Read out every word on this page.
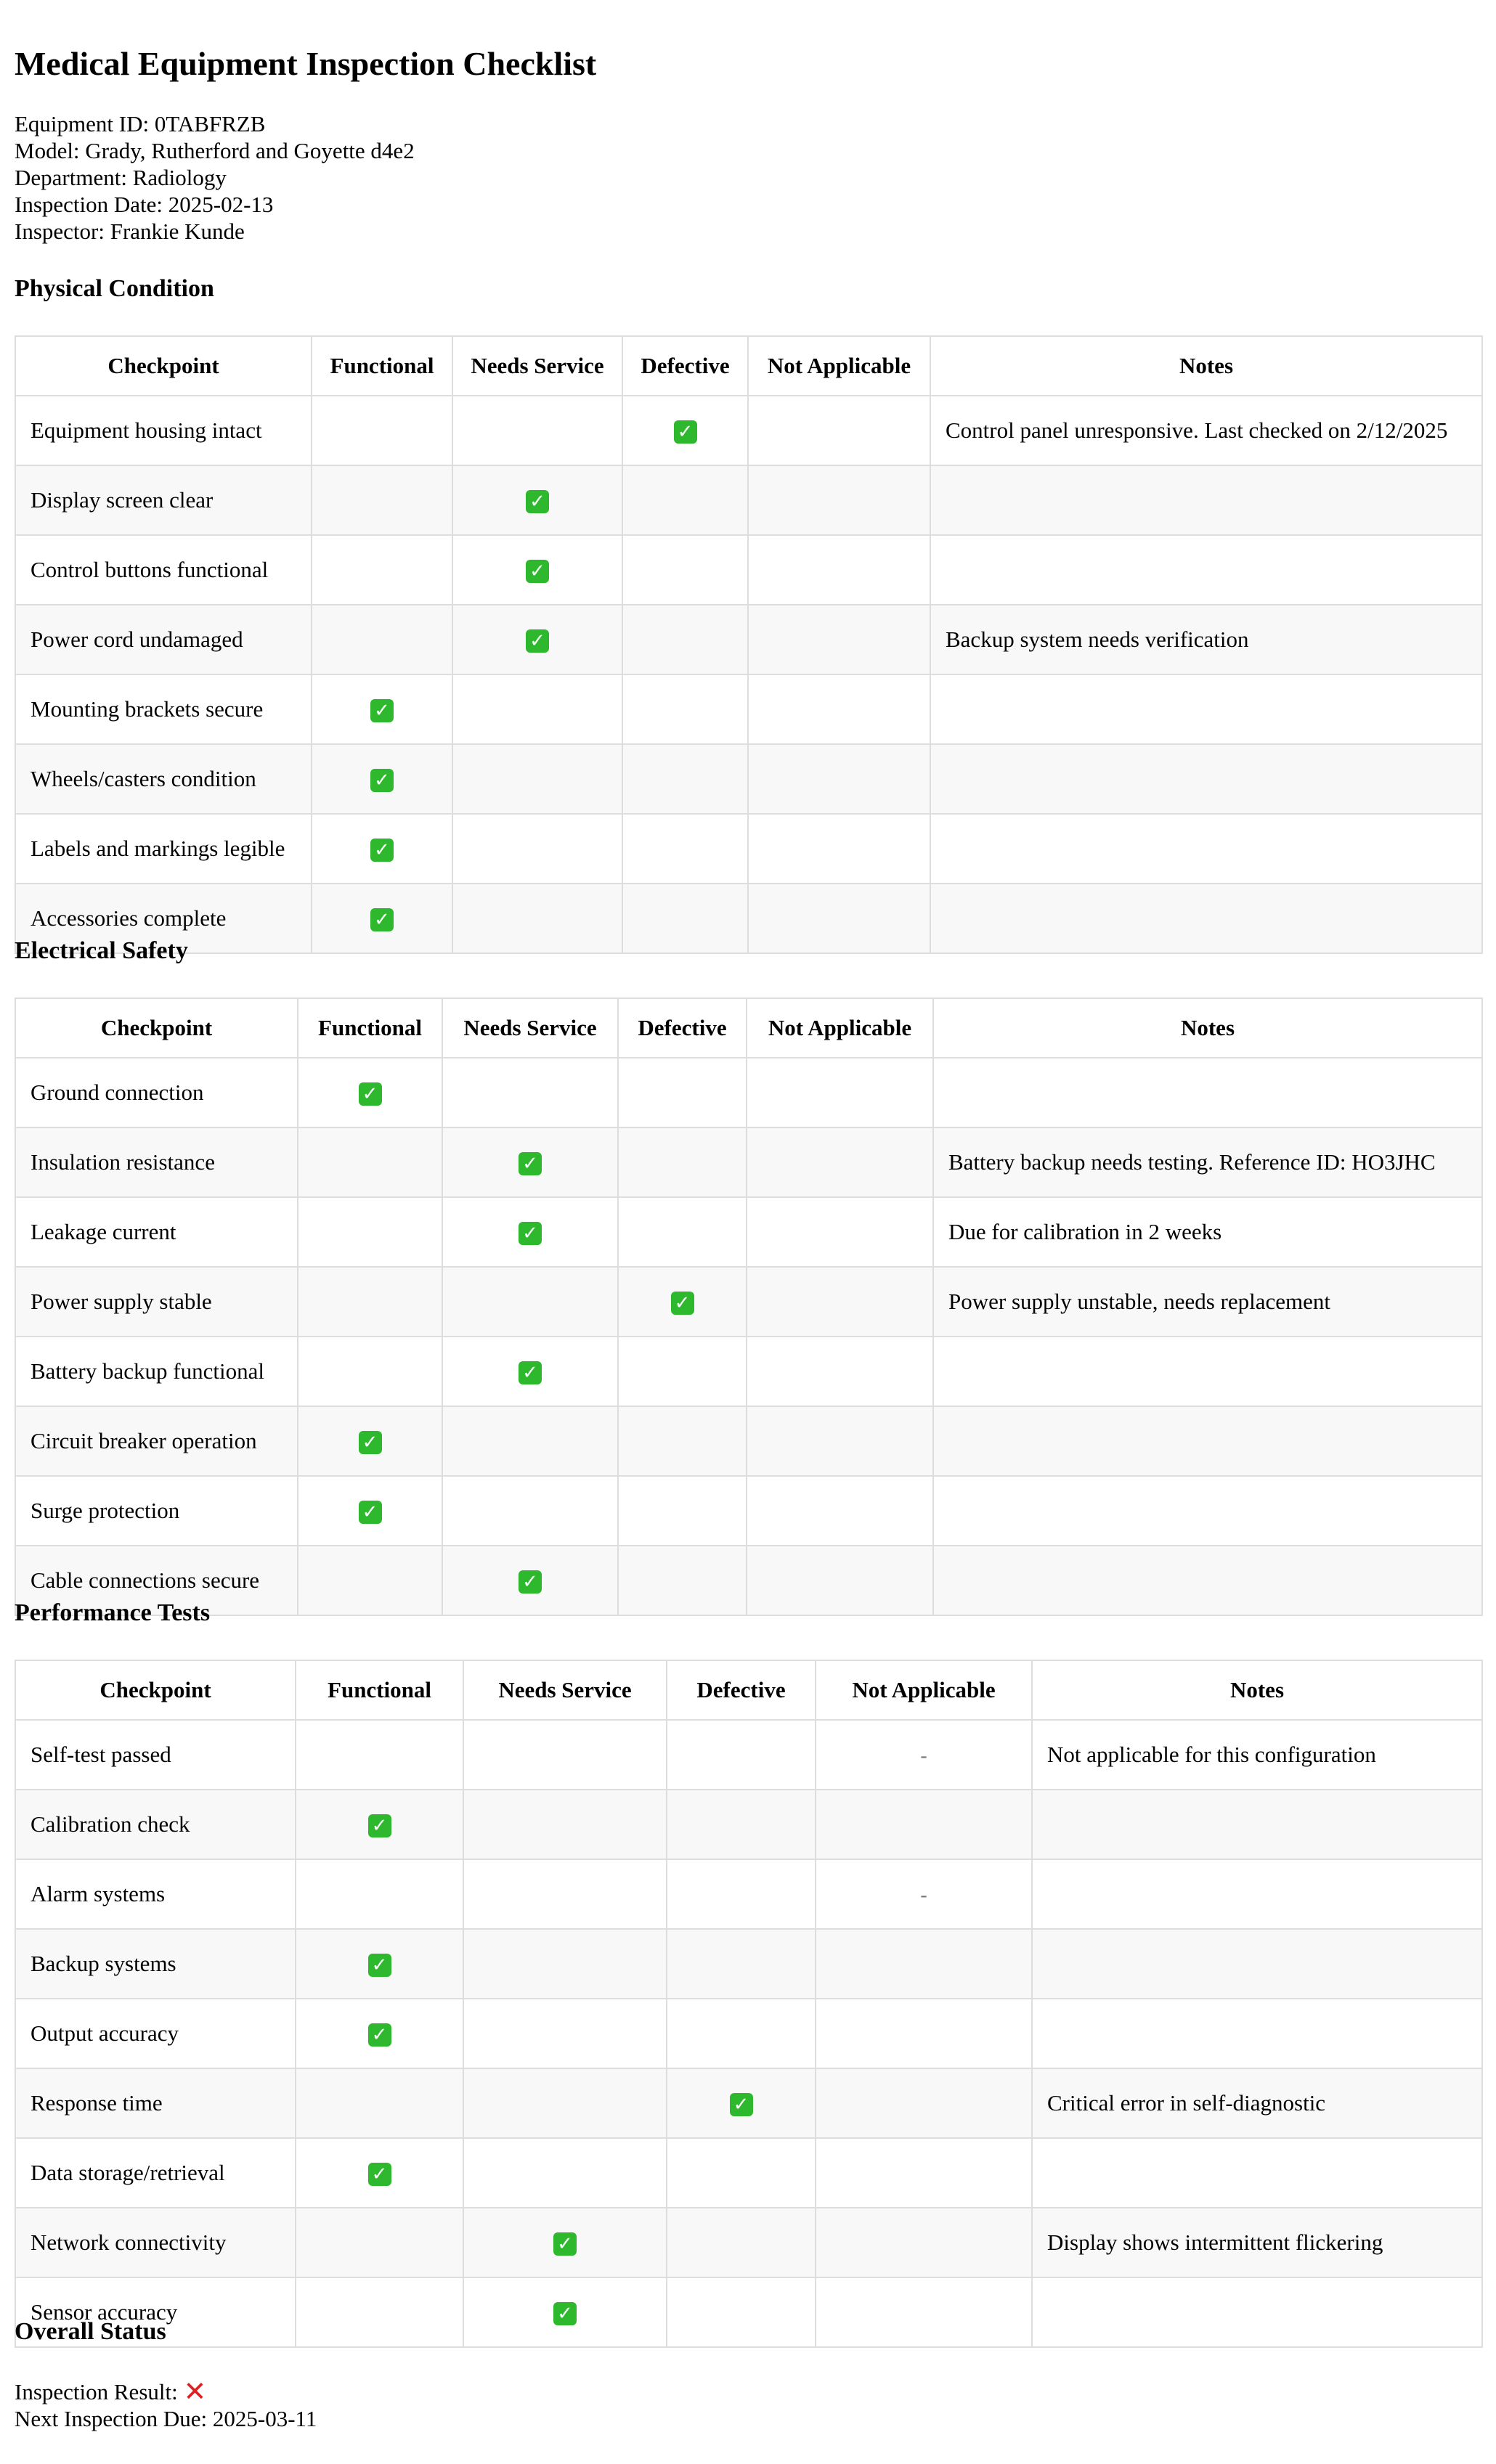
Medical Equipment Inspection Checklist
Equipment ID: 0TABFRZB
Model: Grady, Rutherford and Goyette d4e2
Department: Radiology
Inspection Date: 2025-02-13
Inspector: Frankie Kunde
Physical Condition
Checkpoint	Functional	Needs Service	Defective	Not Applicable	Notes
Equipment housing intact			✓		Control panel unresponsive. Last checked on 2/12/2025
Display screen clear		✓			
Control buttons functional		✓			
Power cord undamaged		✓			Backup system needs verification
Mounting brackets secure	✓				
Wheels/casters condition	✓				
Labels and markings legible	✓				
Accessories complete	✓				
Electrical Safety
Checkpoint	Functional	Needs Service	Defective	Not Applicable	Notes
Ground connection	✓				
Insulation resistance		✓			Battery backup needs testing. Reference ID: HO3JHC
Leakage current		✓			Due for calibration in 2 weeks
Power supply stable			✓		Power supply unstable, needs replacement
Battery backup functional		✓			
Circuit breaker operation	✓				
Surge protection	✓				
Cable connections secure		✓			
Performance Tests
Checkpoint	Functional	Needs Service	Defective	Not Applicable	Notes
Self-test passed				-	Not applicable for this configuration
Calibration check	✓				
Alarm systems				-	
Backup systems	✓				
Output accuracy	✓				
Response time			✓		Critical error in self-diagnostic
Data storage/retrieval	✓				
Network connectivity		✓			Display shows intermittent flickering
Sensor accuracy		✓			
Overall Status
Inspection Result: ✕
Next Inspection Due: 2025-03-11
